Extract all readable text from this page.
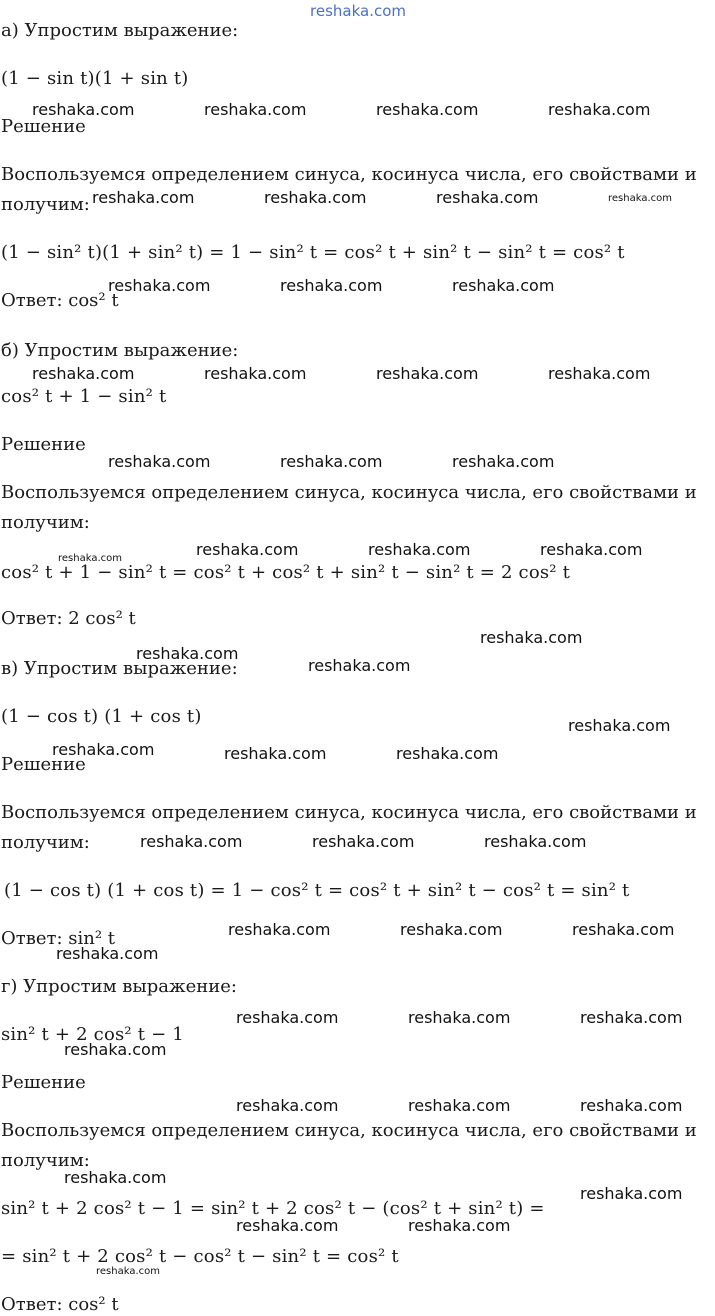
а) Упростим выражение:
(1 − sin t)(1 + sin t)
Решение
Воспользуемся определением синуса, косинуса числа, его свойствами и
получим:
(1 − sin² t)(1 + sin² t) = 1 − sin² t = cos² t + sin² t − sin² t = cos² t
Ответ: cos² t
б) Упростим выражение:
cos² t + 1 − sin² t
Решение
Воспользуемся определением синуса, косинуса числа, его свойствами и
получим:
cos² t + 1 − sin² t = cos² t + cos² t + sin² t − sin² t = 2 cos² t
Ответ: 2 cos² t
в) Упростим выражение:
(1 − cos t) (1 + cos t)
Решение
Воспользуемся определением синуса, косинуса числа, его свойствами и
получим:
(1 − cos t) (1 + cos t) = 1 − cos² t = cos² t + sin² t − cos² t = sin² t
Ответ: sin² t
г) Упростим выражение:
sin² t + 2 cos² t − 1
Решение
Воспользуемся определением синуса, косинуса числа, его свойствами и
получим:
sin² t + 2 cos² t − 1 = sin² t + 2 cos² t − (cos² t + sin² t) =
= sin² t + 2 cos² t − cos² t − sin² t = cos² t
Ответ: cos² t
reshaka.com
reshaka.com	reshaka.com	reshaka.com	reshaka.com
reshaka.com	reshaka.com	reshaka.com	reshaka.com
reshaka.com	reshaka.com	reshaka.com
reshaka.com	reshaka.com	reshaka.com	reshaka.com
reshaka.com	reshaka.com	reshaka.com
reshaka.com	reshaka.com	reshaka.com	reshaka.com
reshaka.com
reshaka.com
reshaka.com
reshaka.com
reshaka.com	reshaka.com	reshaka.com
reshaka.com	reshaka.com	reshaka.com
reshaka.com	reshaka.com	reshaka.com
reshaka.com
reshaka.com	reshaka.com	reshaka.com
reshaka.com
reshaka.com	reshaka.com	reshaka.com
reshaka.com
reshaka.com
reshaka.com	reshaka.com
reshaka.com
